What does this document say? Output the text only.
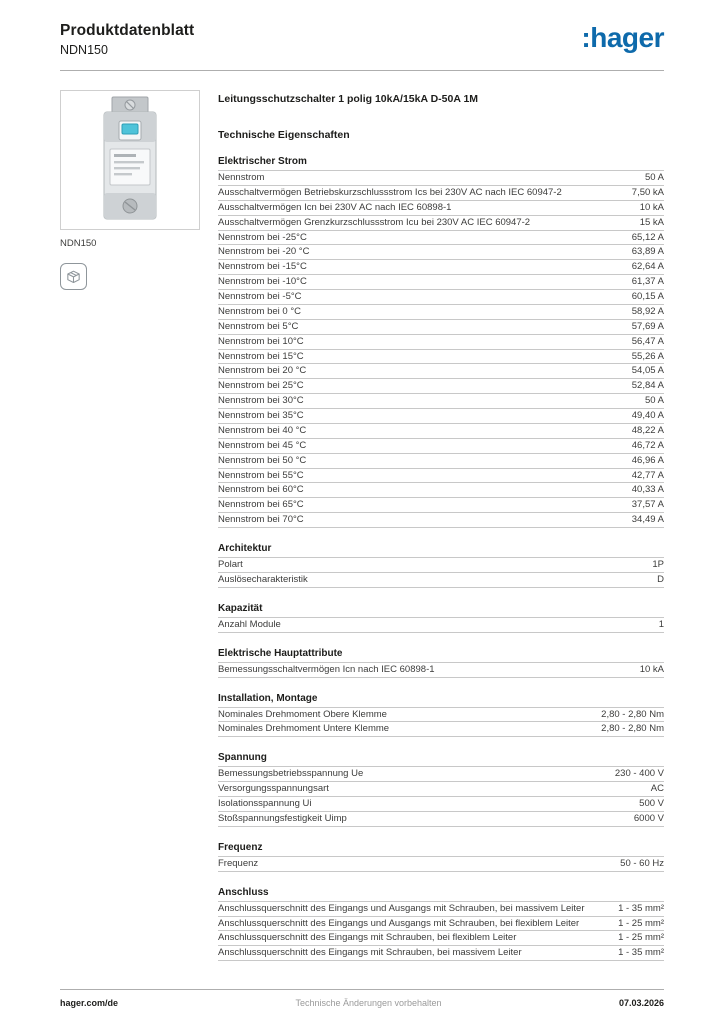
Produktdatenblatt
NDN150	:hager
NDN150
Leitungsschutzschalter 1 polig 10kA/15kA D-50A 1M
Technische Eigenschaften
Elektrischer Strom
Nennstrom	50 A
Ausschaltvermögen Betriebskurzschlussstrom Ics bei 230V AC nach IEC 60947-2	7,50 kA
Ausschaltvermögen Icn bei 230V AC nach IEC 60898-1	10 kA
Ausschaltvermögen Grenzkurzschlussstrom Icu bei 230V AC IEC 60947-2	15 kA
Nennstrom bei -25°C	65,12 A
Nennstrom bei -20 °C	63,89 A
Nennstrom bei -15°C	62,64 A
Nennstrom bei -10°C	61,37 A
Nennstrom bei -5°C	60,15 A
Nennstrom bei 0 °C	58,92 A
Nennstrom bei 5°C	57,69 A
Nennstrom bei 10°C	56,47 A
Nennstrom bei 15°C	55,26 A
Nennstrom bei 20 °C	54,05 A
Nennstrom bei 25°C	52,84 A
Nennstrom bei 30°C	50 A
Nennstrom bei 35°C	49,40 A
Nennstrom bei 40 °C	48,22 A
Nennstrom bei 45 °C	46,72 A
Nennstrom bei 50 °C	46,96 A
Nennstrom bei 55°C	42,77 A
Nennstrom bei 60°C	40,33 A
Nennstrom bei 65°C	37,57 A
Nennstrom bei 70°C	34,49 A
Architektur
Polart	1P
Auslösecharakteristik	D
Kapazität
Anzahl Module	1
Elektrische Hauptattribute
Bemessungsschaltvermögen Icn nach IEC 60898-1	10 kA
Installation, Montage
Nominales Drehmoment Obere Klemme	2,80 - 2,80 Nm
Nominales Drehmoment Untere Klemme	2,80 - 2,80 Nm
Spannung
Bemessungsbetriebsspannung Ue	230 - 400 V
Versorgungsspannungsart	AC
Isolationsspannung Ui	500 V
Stoßspannungsfestigkeit Uimp	6000 V
Frequenz
Frequenz	50 - 60 Hz
Anschluss
Anschlussquerschnitt des Eingangs und Ausgangs mit Schrauben, bei massivem Leiter	1 - 35 mm²
Anschlussquerschnitt des Eingangs und Ausgangs mit Schrauben, bei flexiblem Leiter	1 - 25 mm²
Anschlussquerschnitt des Eingangs mit Schrauben, bei flexiblem Leiter	1 - 25 mm²
Anschlussquerschnitt des Eingangs mit Schrauben, bei massivem Leiter	1 - 35 mm²
hager.com/de	Technische Änderungen vorbehalten	07.03.2026
